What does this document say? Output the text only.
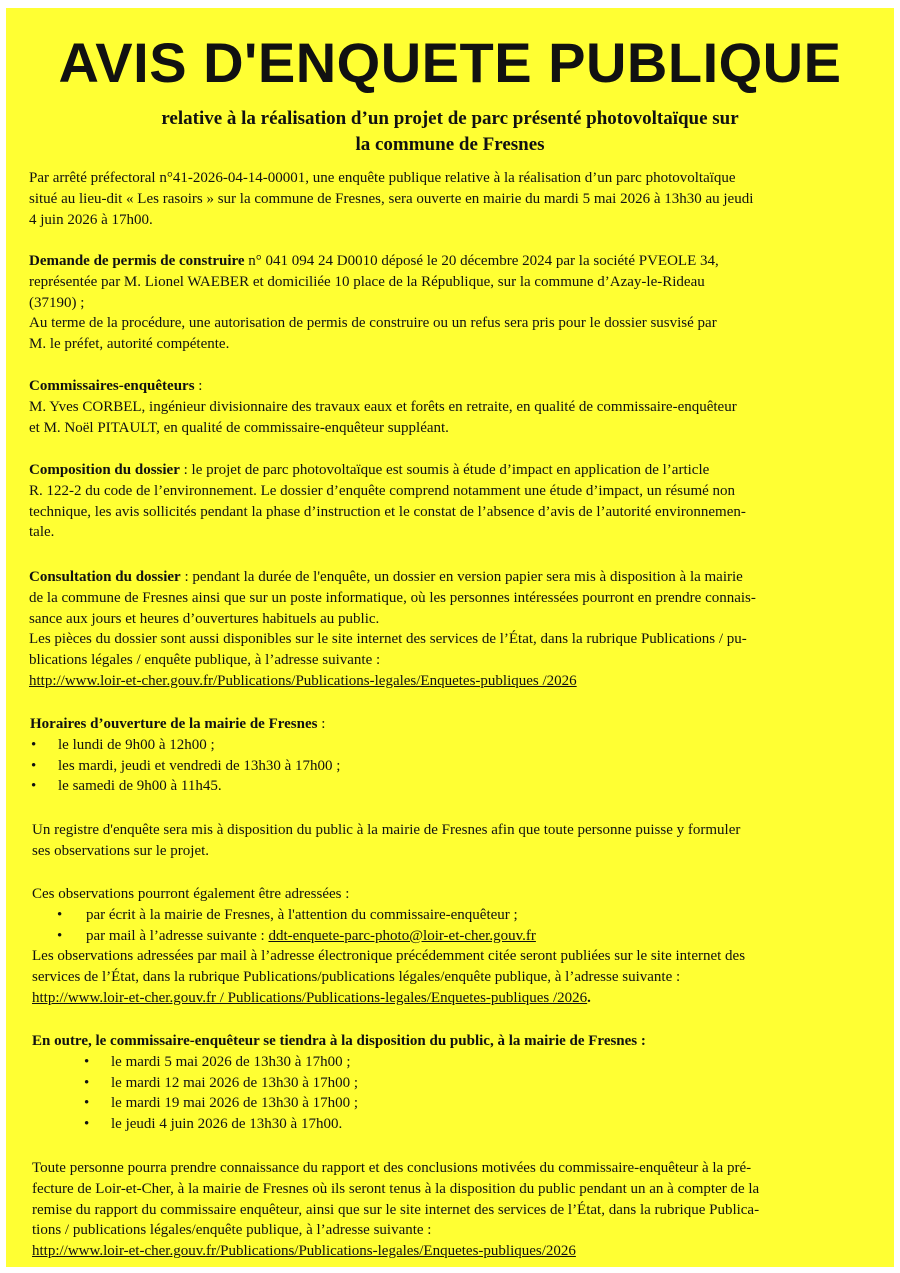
AVIS D'ENQUETE PUBLIQUE
relative à la réalisation d’un projet de parc présenté photovoltaïque sur
la commune de Fresnes
Par arrêté préfectoral n°41-2026-04-14-00001, une enquête publique relative à la réalisation d’un parc photovoltaïque
situé au lieu-dit « Les rasoirs » sur la commune de Fresnes, sera ouverte en mairie du mardi 5 mai 2026 à 13h30 au jeudi
4 juin 2026 à 17h00.
Demande de permis de construire n° 041 094 24 D0010 déposé le 20 décembre 2024 par la société PVEOLE 34,
représentée par M. Lionel WAEBER et domiciliée 10 place de la République, sur la commune d’Azay-le-Rideau
(37190) ;
Au terme de la procédure, une autorisation de permis de construire ou un refus sera pris pour le dossier susvisé par
M. le préfet, autorité compétente.
Commissaires-enquêteurs :
M. Yves CORBEL, ingénieur divisionnaire des travaux eaux et forêts en retraite, en qualité de commissaire-enquêteur
et M. Noël PITAULT, en qualité de commissaire-enquêteur suppléant.
Composition du dossier : le projet de parc photovoltaïque est soumis à étude d’impact en application de l’article
R. 122-2 du code de l’environnement. Le dossier d’enquête comprend notamment une étude d’impact, un résumé non
technique, les avis sollicités pendant la phase d’instruction et le constat de l’absence d’avis de l’autorité environnemen-
tale.
Consultation du dossier : pendant la durée de l'enquête, un dossier en version papier sera mis à disposition à la mairie
de la commune de Fresnes ainsi que sur un poste informatique, où les personnes intéressées pourront en prendre connais-
sance aux jours et heures d’ouvertures habituels au public.
Les pièces du dossier sont aussi disponibles sur le site internet des services de l’État, dans la rubrique Publications / pu-
blications légales / enquête publique, à l’adresse suivante :
http://www.loir-et-cher.gouv.fr/Publications/Publications-legales/Enquetes-publiques /2026
Horaires d’ouverture de la mairie de Fresnes :
• le lundi de 9h00 à 12h00 ;
• les mardi, jeudi et vendredi de 13h30 à 17h00 ;
• le samedi de 9h00 à 11h45.
Un registre d'enquête sera mis à disposition du public à la mairie de Fresnes afin que toute personne puisse y formuler
ses observations sur le projet.
Ces observations pourront également être adressées :
• par écrit à la mairie de Fresnes, à l'attention du commissaire-enquêteur ;
• par mail à l’adresse suivante : ddt-enquete-parc-photo@loir-et-cher.gouv.fr
Les observations adressées par mail à l’adresse électronique précédemment citée seront publiées sur le site internet des
services de l’État, dans la rubrique Publications/publications légales/enquête publique, à l’adresse suivante :
http://www.loir-et-cher.gouv.fr / Publications/Publications-legales/Enquetes-publiques /2026.
En outre, le commissaire-enquêteur se tiendra à la disposition du public, à la mairie de Fresnes :
• le mardi 5 mai 2026 de 13h30 à 17h00 ;
• le mardi 12 mai 2026 de 13h30 à 17h00 ;
• le mardi 19 mai 2026 de 13h30 à 17h00 ;
• le jeudi 4 juin 2026 de 13h30 à 17h00.
Toute personne pourra prendre connaissance du rapport et des conclusions motivées du commissaire-enquêteur à la pré-
fecture de Loir-et-Cher, à la mairie de Fresnes où ils seront tenus à la disposition du public pendant un an à compter de la
remise du rapport du commissaire enquêteur, ainsi que sur le site internet des services de l’État, dans la rubrique Publica-
tions / publications légales/enquête publique, à l’adresse suivante :
http://www.loir-et-cher.gouv.fr/Publications/Publications-legales/Enquetes-publiques/2026
